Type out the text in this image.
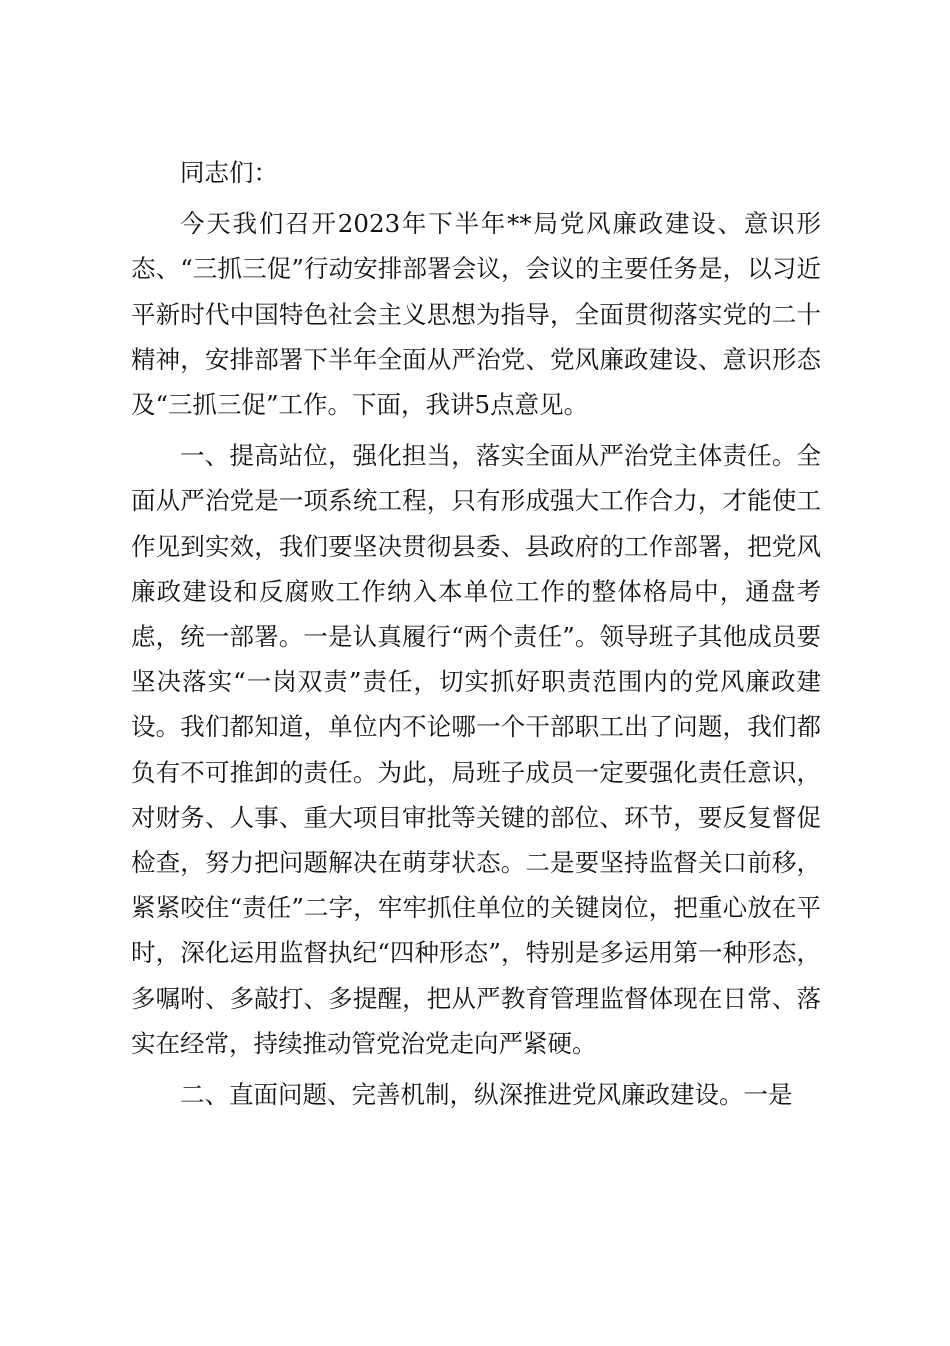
同志们：

今天我们召开2023年下半年**局党风廉政建设、意识形态、“三抓三促”行动安排部署会议，会议的主要任务是，以习近平新时代中国特色社会主义思想为指导，全面贯彻落实党的二十精神，安排部署下半年全面从严治党、党风廉政建设、意识形态及“三抓三促”工作。下面，我讲5点意见。

一、提高站位，强化担当，落实全面从严治党主体责任。全面从严治党是一项系统工程，只有形成强大工作合力，才能使工作见到实效，我们要坚决贯彻县委、县政府的工作部署，把党风廉政建设和反腐败工作纳入本单位工作的整体格局中，通盘考虑，统一部署。一是认真履行“两个责任”。领导班子其他成员要坚决落实“一岗双责”责任，切实抓好职责范围内的党风廉政建设。我们都知道，单位内不论哪一个干部职工出了问题，我们都负有不可推卸的责任。为此，局班子成员一定要强化责任意识，对财务、人事、重大项目审批等关键的部位、环节，要反复督促检查，努力把问题解决在萌芽状态。二是要坚持监督关口前移，紧紧咬住“责任”二字，牢牢抓住单位的关键岗位，把重心放在平时，深化运用监督执纪“四种形态”，特别是多运用第一种形态，多嘱咐、多敲打、多提醒，把从严教育管理监督体现在日常、落实在经常，持续推动管党治党走向严紧硬。

二、直面问题、完善机制，纵深推进党风廉政建设。一是
